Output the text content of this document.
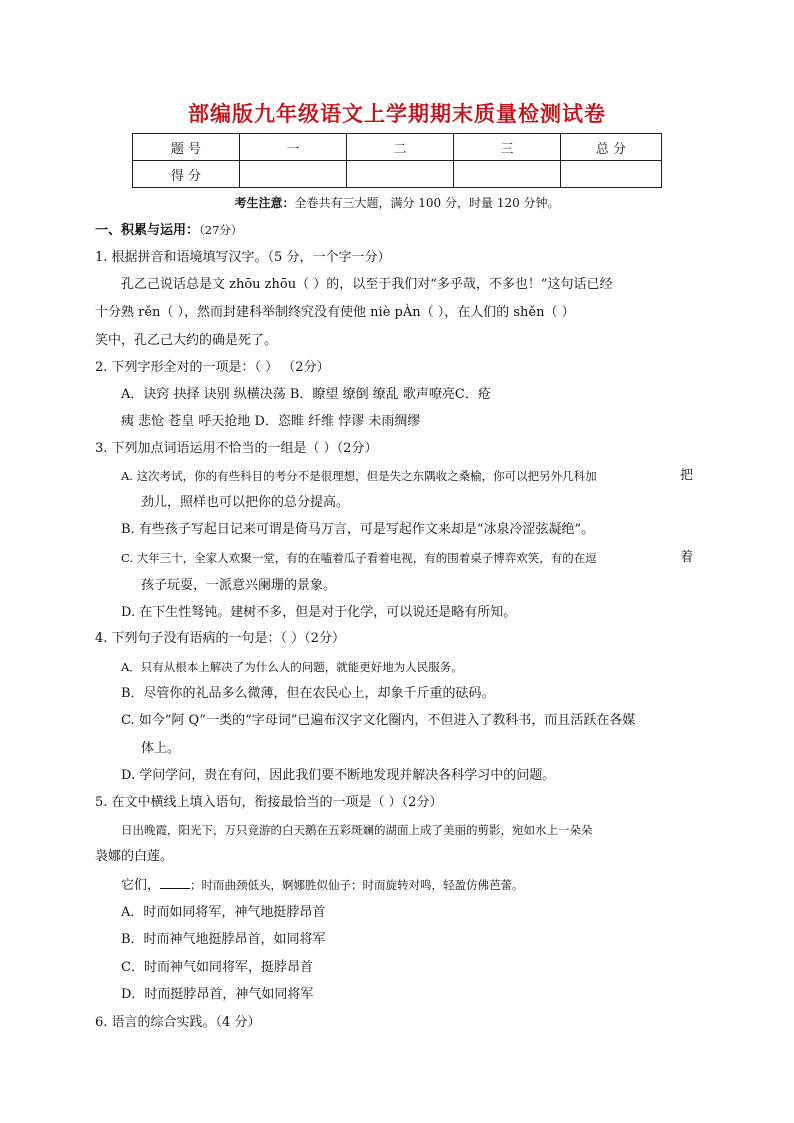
部编版九年级语文上学期期末质量检测试卷
题 号	一	二	三	总 分
得 分				
考生注意：全卷共有三大题，满分 100 分，时量 120 分钟。
一、积累与运用：（27分）
1. 根据拼音和语境填写汉字。（5 分，一个字一分）
孔乙己说话总是文 zhōu zhōu（ ）的，以至于我们对“多乎哉，不多也！”这句话已经
十分熟 rěn（ ），然而封建科举制终究没有使他 niè pÀn（ ），在人们的 shěn（ ）
笑中，孔乙己大约的确是死了。
2. 下列字形全对的一项是：（ ） （2分）
A．诀窍 抉择 诀别 纵横决荡 B．瞭望 缭倒 缭乱 歌声嘹亮C．疮
痍 悲怆 苍皇 呼天抢地 D．恣睢 纤维 悖谬 未雨绸缪
3. 下列加点词语运用不恰当的一组是（ ）（2分）
A. 这次考试，你的有些科目的考分不是很理想，但是失之东隅收之桑榆，你可以把另外几科加	把
劲儿，照样也可以把你的总分提高。
B. 有些孩子写起日记来可谓是倚马万言，可是写起作文来却是“冰泉冷涩弦凝绝”。
C. 大年三十，全家人欢聚一堂，有的在嗑着瓜子看着电视，有的围着桌子博弈欢笑，有的在逗	着
孩子玩耍，一派意兴阑珊的景象。
D. 在下生性驽钝。建树不多，但是对于化学，可以说还是略有所知。
4. 下列句子没有语病的一句是：（ ）（2分）
A．只有从根本上解决了为什么人的问题，就能更好地为人民服务。
B．尽管你的礼品多么微薄，但在农民心上，却象千斤重的砝码。
C. 如今“阿 Q”一类的“字母词”已遍布汉字文化圈内，不但进入了教科书，而且活跃在各媒
体上。
D. 学问学问，贵在有问，因此我们要不断地发现并解决各科学习中的问题。
5. 在文中横线上填入语句，衔接最恰当的一项是（ ）（2分）
日出晚霞，阳光下，万只竞游的白天鹅在五彩斑斓的湖面上成了美丽的剪影，宛如水上一朵朵
袅娜的白莲。
它们，	；时而曲颈低头，婀娜胜似仙子；时而旋转对鸣，轻盈仿佛芭蕾。
A．时而如同将军，神气地挺脖昂首
B．时而神气地挺脖昂首，如同将军
C．时而神气如同将军，挺脖昂首
D．时而挺脖昂首，神气如同将军
6. 语言的综合实践。（4 分）
